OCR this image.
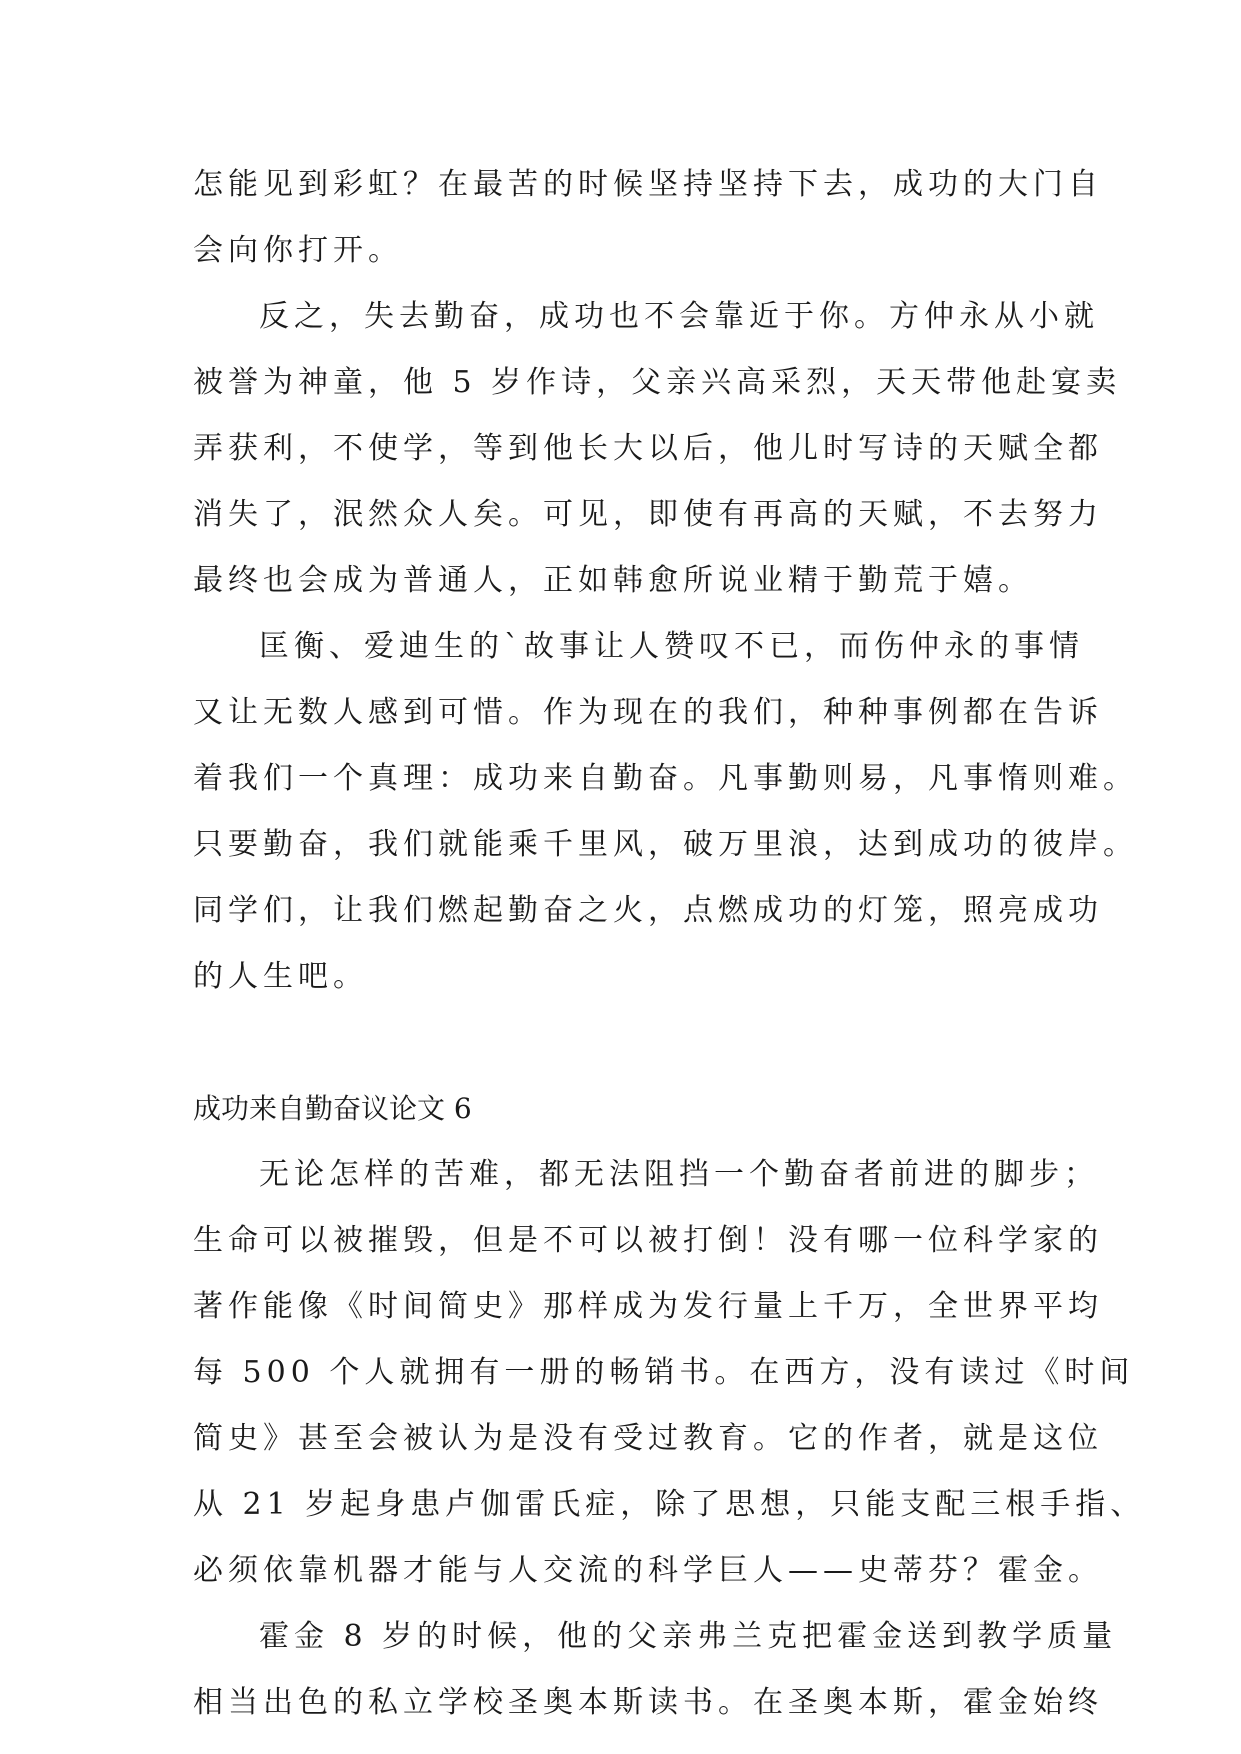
怎能见到彩虹？在最苦的时候坚持坚持下去，成功的大门自
会向你打开。
反之，失去勤奋，成功也不会靠近于你。方仲永从小就
被誉为神童，他 5 岁作诗，父亲兴高采烈，天天带他赴宴卖
弄获利，不使学，等到他长大以后，他儿时写诗的天赋全都
消失了，泯然众人矣。可见，即使有再高的天赋，不去努力
最终也会成为普通人，正如韩愈所说业精于勤荒于嬉。
匡衡、爱迪生的`故事让人赞叹不已，而伤仲永的事情
又让无数人感到可惜。作为现在的我们，种种事例都在告诉
着我们一个真理：成功来自勤奋。凡事勤则易，凡事惰则难。
只要勤奋，我们就能乘千里风，破万里浪，达到成功的彼岸。
同学们，让我们燃起勤奋之火，点燃成功的灯笼，照亮成功
的人生吧。
成功来自勤奋议论文 6
无论怎样的苦难，都无法阻挡一个勤奋者前进的脚步；
生命可以被摧毁，但是不可以被打倒！没有哪一位科学家的
著作能像《时间简史》那样成为发行量上千万，全世界平均
每 500 个人就拥有一册的畅销书。在西方，没有读过《时间
简史》甚至会被认为是没有受过教育。它的作者，就是这位
从 21 岁起身患卢伽雷氏症，除了思想，只能支配三根手指、
必须依靠机器才能与人交流的科学巨人——史蒂芬？霍金。
霍金 8 岁的时候，他的父亲弗兰克把霍金送到教学质量
相当出色的私立学校圣奥本斯读书。在圣奥本斯，霍金始终
